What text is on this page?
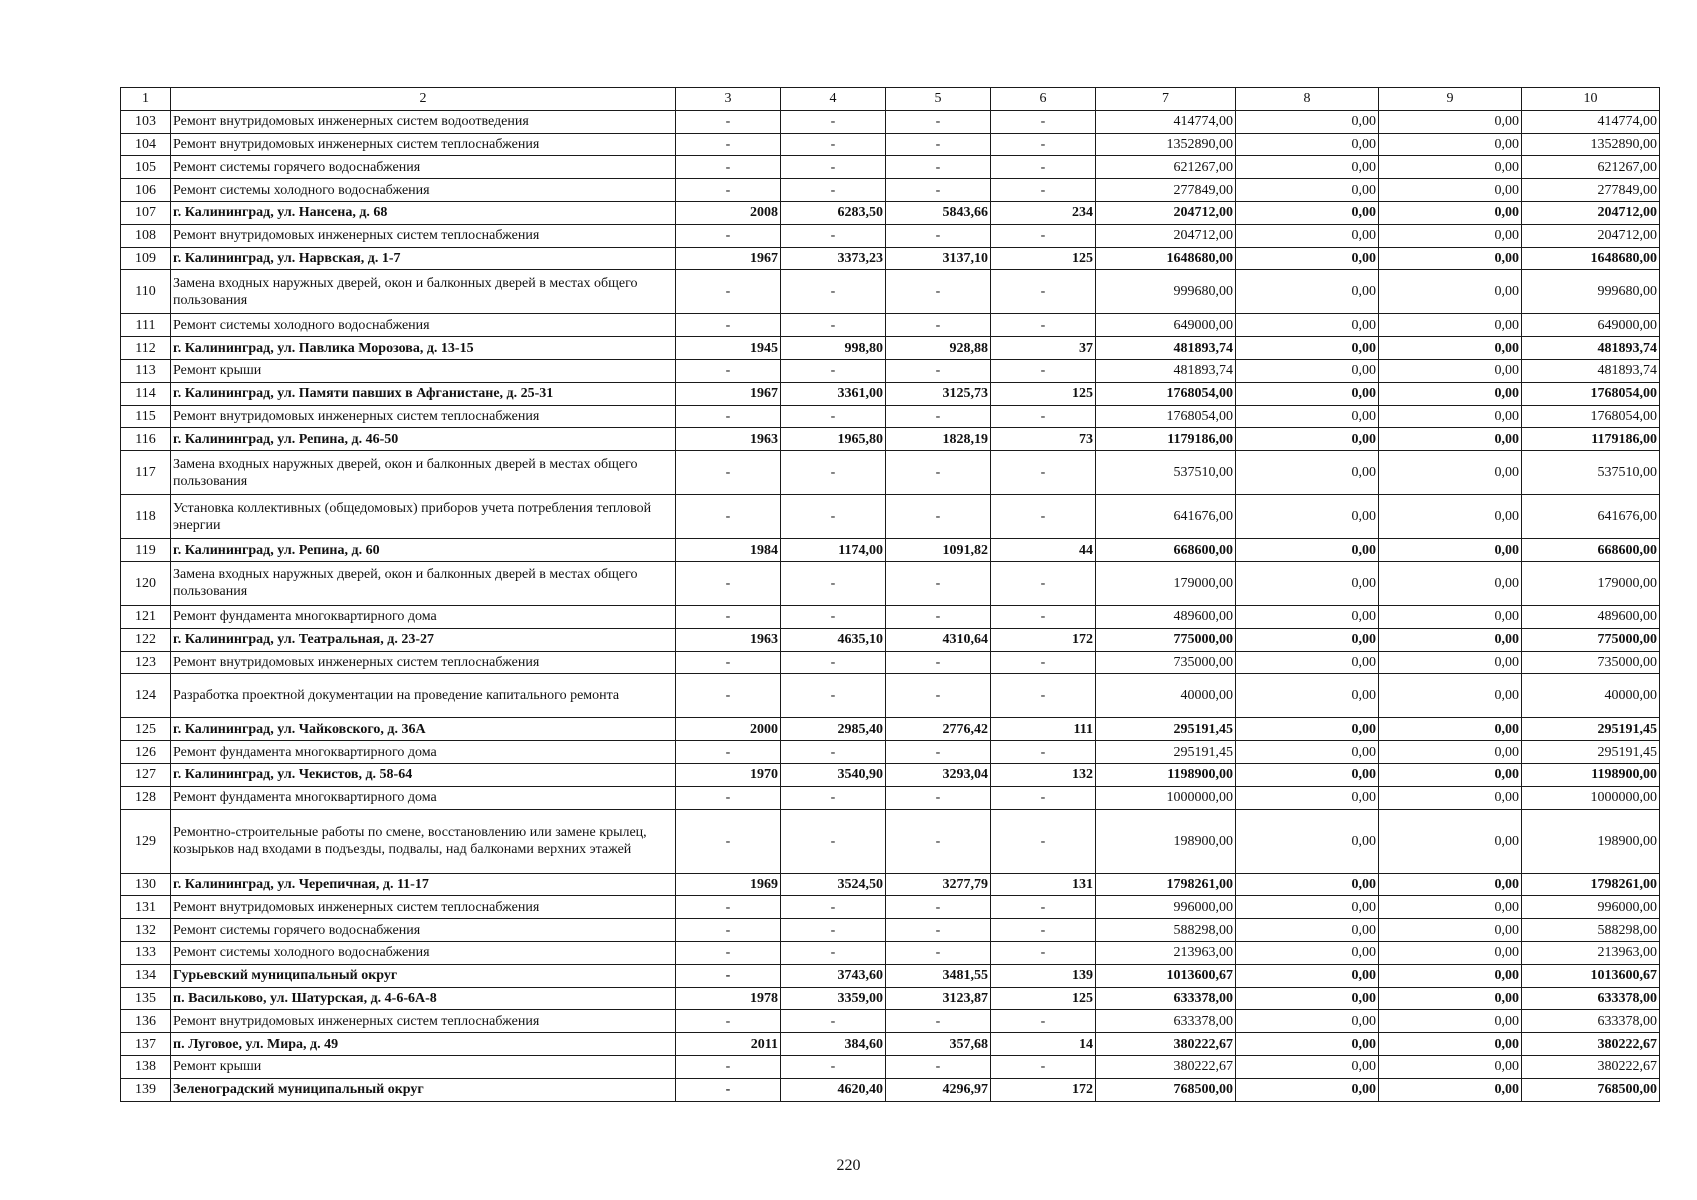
1	2	3	4	5	6	7	8	9	10
103	Ремонт внутридомовых инженерных систем водоотведения	-	-	-	-	414774,00	0,00	0,00	414774,00
104	Ремонт внутридомовых инженерных систем теплоснабжения	-	-	-	-	1352890,00	0,00	0,00	1352890,00
105	Ремонт системы горячего водоснабжения	-	-	-	-	621267,00	0,00	0,00	621267,00
106	Ремонт системы холодного водоснабжения	-	-	-	-	277849,00	0,00	0,00	277849,00
107	г. Калининград, ул. Нансена, д. 68	2008	6283,50	5843,66	234	204712,00	0,00	0,00	204712,00
108	Ремонт внутридомовых инженерных систем теплоснабжения	-	-	-	-	204712,00	0,00	0,00	204712,00
109	г. Калининград, ул. Нарвская, д. 1-7	1967	3373,23	3137,10	125	1648680,00	0,00	0,00	1648680,00
110	Замена входных наружных дверей, окон и балконных дверей в местах общего пользования	-	-	-	-	999680,00	0,00	0,00	999680,00
111	Ремонт системы холодного водоснабжения	-	-	-	-	649000,00	0,00	0,00	649000,00
112	г. Калининград, ул. Павлика Морозова, д. 13-15	1945	998,80	928,88	37	481893,74	0,00	0,00	481893,74
113	Ремонт крыши	-	-	-	-	481893,74	0,00	0,00	481893,74
114	г. Калининград, ул. Памяти павших в Афганистане, д. 25-31	1967	3361,00	3125,73	125	1768054,00	0,00	0,00	1768054,00
115	Ремонт внутридомовых инженерных систем теплоснабжения	-	-	-	-	1768054,00	0,00	0,00	1768054,00
116	г. Калининград, ул. Репина, д. 46-50	1963	1965,80	1828,19	73	1179186,00	0,00	0,00	1179186,00
117	Замена входных наружных дверей, окон и балконных дверей в местах общего пользования	-	-	-	-	537510,00	0,00	0,00	537510,00
118	Установка коллективных (общедомовых) приборов учета потребления тепловой энергии	-	-	-	-	641676,00	0,00	0,00	641676,00
119	г. Калининград, ул. Репина, д. 60	1984	1174,00	1091,82	44	668600,00	0,00	0,00	668600,00
120	Замена входных наружных дверей, окон и балконных дверей в местах общего пользования	-	-	-	-	179000,00	0,00	0,00	179000,00
121	Ремонт фундамента многоквартирного дома	-	-	-	-	489600,00	0,00	0,00	489600,00
122	г. Калининград, ул. Театральная, д. 23-27	1963	4635,10	4310,64	172	775000,00	0,00	0,00	775000,00
123	Ремонт внутридомовых инженерных систем теплоснабжения	-	-	-	-	735000,00	0,00	0,00	735000,00
124	Разработка проектной документации на проведение капитального ремонта	-	-	-	-	40000,00	0,00	0,00	40000,00
125	г. Калининград, ул. Чайковского, д. 36А	2000	2985,40	2776,42	111	295191,45	0,00	0,00	295191,45
126	Ремонт фундамента многоквартирного дома	-	-	-	-	295191,45	0,00	0,00	295191,45
127	г. Калининград, ул. Чекистов, д. 58-64	1970	3540,90	3293,04	132	1198900,00	0,00	0,00	1198900,00
128	Ремонт фундамента многоквартирного дома	-	-	-	-	1000000,00	0,00	0,00	1000000,00
129	Ремонтно-строительные работы по смене, восстановлению или замене крылец, козырьков над входами в подъезды, подвалы, над балконами верхних этажей	-	-	-	-	198900,00	0,00	0,00	198900,00
130	г. Калининград, ул. Черепичная, д. 11-17	1969	3524,50	3277,79	131	1798261,00	0,00	0,00	1798261,00
131	Ремонт внутридомовых инженерных систем теплоснабжения	-	-	-	-	996000,00	0,00	0,00	996000,00
132	Ремонт системы горячего водоснабжения	-	-	-	-	588298,00	0,00	0,00	588298,00
133	Ремонт системы холодного водоснабжения	-	-	-	-	213963,00	0,00	0,00	213963,00
134	Гурьевский муниципальный округ	-	3743,60	3481,55	139	1013600,67	0,00	0,00	1013600,67
135	п. Васильково, ул. Шатурская, д. 4-6-6А-8	1978	3359,00	3123,87	125	633378,00	0,00	0,00	633378,00
136	Ремонт внутридомовых инженерных систем теплоснабжения	-	-	-	-	633378,00	0,00	0,00	633378,00
137	п. Луговое, ул. Мира, д. 49	2011	384,60	357,68	14	380222,67	0,00	0,00	380222,67
138	Ремонт крыши	-	-	-	-	380222,67	0,00	0,00	380222,67
139	Зеленоградский муниципальный округ	-	4620,40	4296,97	172	768500,00	0,00	0,00	768500,00
220
